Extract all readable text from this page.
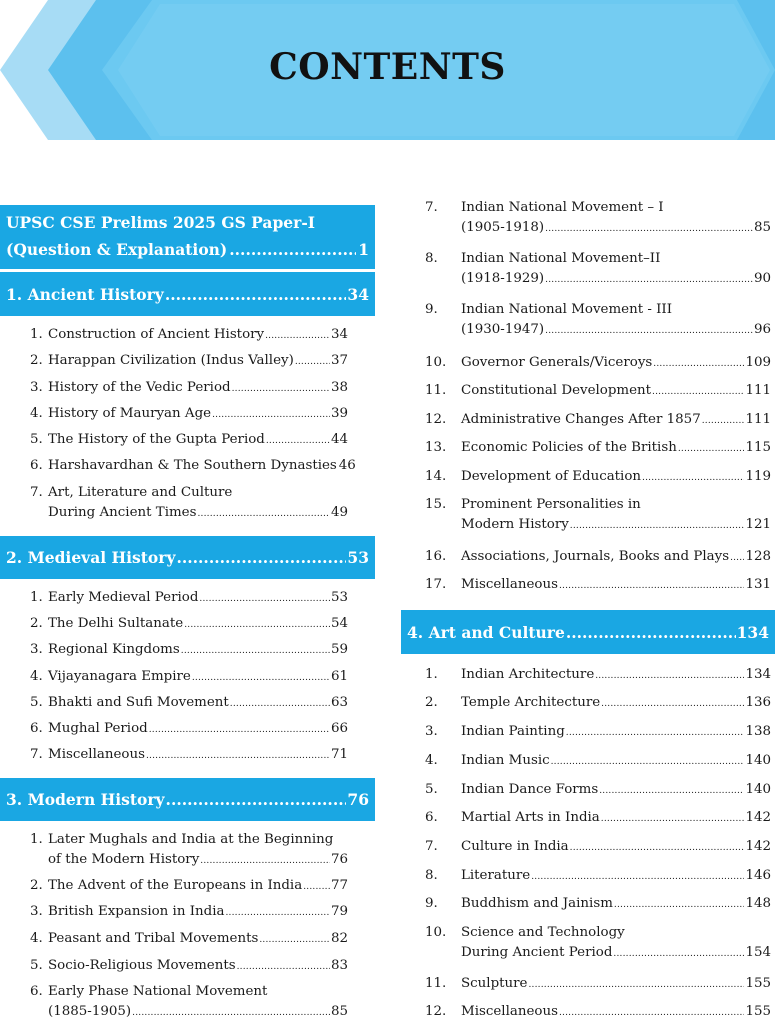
CONTENTS
UPSC CSE Prelims 2025 GS Paper-I
(Question & Explanation) .....	1
1. Ancient History .....	34
1. Construction of Ancient History .....	34
2. Harappan Civilization (Indus Valley) .....	37
3. History of the Vedic Period .....	38
4. History of Mauryan Age .....	39
5. The History of the Gupta Period .....	44
6. Harshavardhan & The Southern Dynasties 46
7. Art, Literature and Culture
During Ancient Times .....	49
2. Medieval History .....	53
1. Early Medieval Period .....	53
2. The Delhi Sultanate .....	54
3. Regional Kingdoms .....	59
4. Vijayanagara Empire .....	61
5. Bhakti and Sufi Movement .....	63
6. Mughal Period .....	66
7. Miscellaneous .....	71
3. Modern History .....	76
1. Later Mughals and India at the Beginning
of the Modern History .....	76
2. The Advent of the Europeans in India ..... 77
3. British Expansion in India .....	79
4. Peasant and Tribal Movements .....	82
5. Socio-Religious Movements .....	83
6. Early Phase National Movement
(1885-1905) .....	85
7.	Indian National Movement – I
(1905-1918) .....	85
8.	Indian National Movement–II
(1918-1929) .....	90
9.	Indian National Movement - III
(1930-1947) .....	96
10.	Governor Generals/Viceroys .....	109
11.	Constitutional Development .....	111
12.	Administrative Changes After 1857 .....	111
13.	Economic Policies of the British .....	115
14.	Development of Education .....	119
15.	Prominent Personalities in
Modern History .....	121
16.	Associations, Journals, Books and Plays ..... 128
17.	Miscellaneous .....	131
4. Art and Culture .....	134
1.	Indian Architecture .....	134
2.	Temple Architecture .....	136
3.	Indian Painting .....	138
4.	Indian Music .....	140
5.	Indian Dance Forms .....	140
6.	Martial Arts in India .....	142
7.	Culture in India .....	142
8.	Literature .....	146
9.	Buddhism and Jainism .....	148
10.	Science and Technology
During Ancient Period .....	154
11.	Sculpture .....	155
12.	Miscellaneous .....	155
